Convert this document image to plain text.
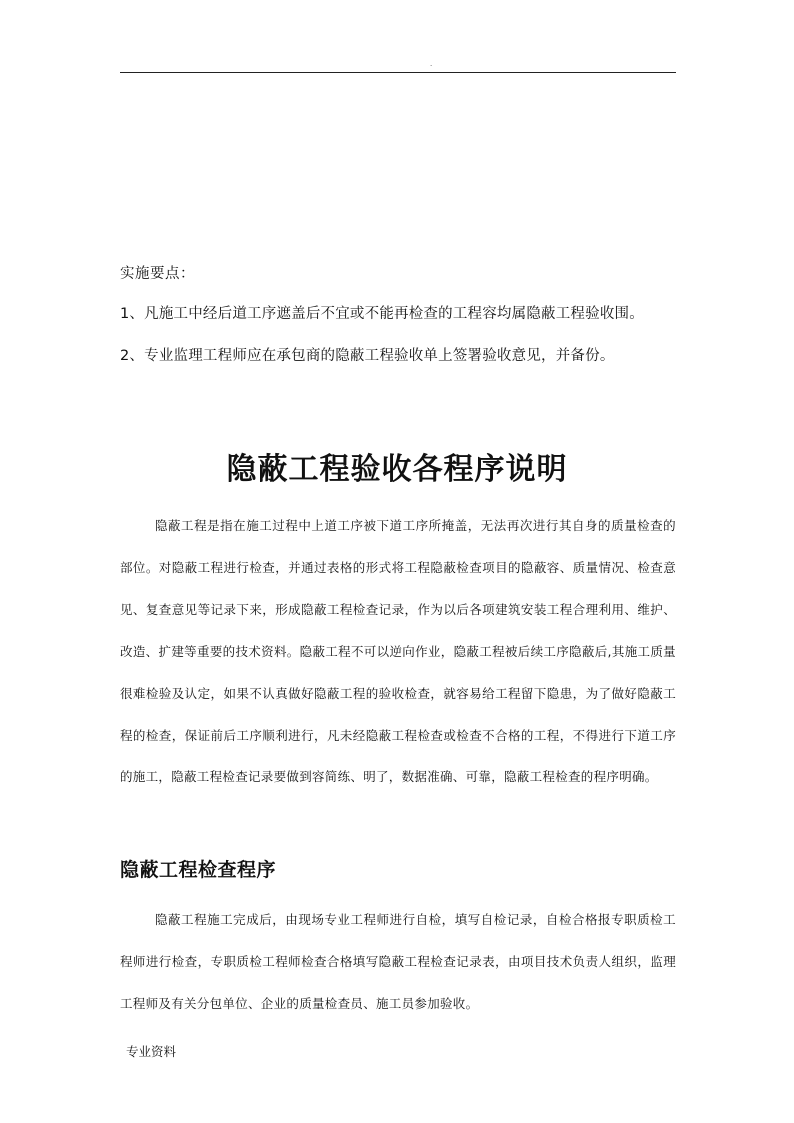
.
实施要点：
1、凡施工中经后道工序遮盖后不宜或不能再检查的工程容均属隐蔽工程验收围。
2、专业监理工程师应在承包商的隐蔽工程验收单上签署验收意见，并备份。
隐蔽工程验收各程序说明

隐蔽工程是指在施工过程中上道工序被下道工序所掩盖，无法再次进行其自身的质量检查的部位。对隐蔽工程进行检查，并通过表格的形式将工程隐蔽检查项目的隐蔽容、质量情况、检查意见、复查意见等记录下来，形成隐蔽工程检查记录，作为以后各项建筑安装工程合理利用、维护、改造、扩建等重要的技术资料。隐蔽工程不可以逆向作业，隐蔽工程被后续工序隐蔽后,其施工质量很难检验及认定，如果不认真做好隐蔽工程的验收检查，就容易给工程留下隐患，为了做好隐蔽工程的检查，保证前后工序顺利进行，凡未经隐蔽工程检查或检查不合格的工程，不得进行下道工序的施工，隐蔽工程检查记录要做到容简练、明了，数据准确、可靠，隐蔽工程检查的程序明确。

隐蔽工程检查程序

隐蔽工程施工完成后，由现场专业工程师进行自检，填写自检记录，自检合格报专职质检工程师进行检查，专职质检工程师检查合格填写隐蔽工程检查记录表，由项目技术负责人组织，监理工程师及有关分包单位、企业的质量检查员、施工员参加验收。

专业资料
